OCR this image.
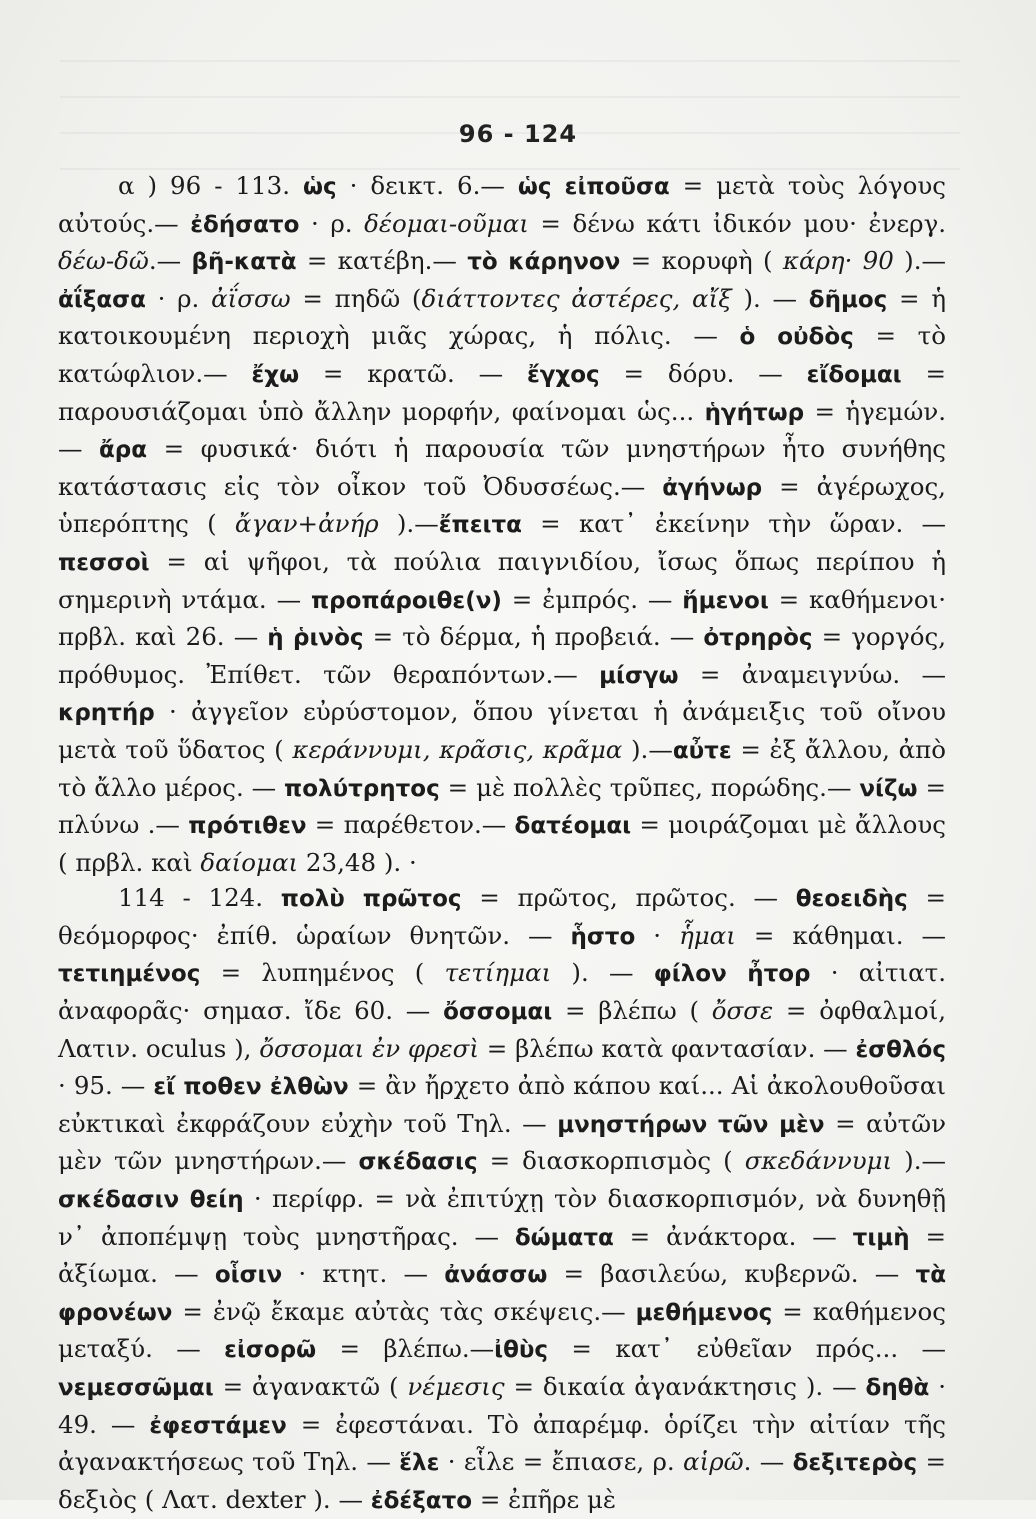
96 - 124

α ) 96 - 113. ὡς · δεικτ. 6.— ὡς εἰποῦσα = μετὰ τοὺς λόγους αὐτούς.— ἐδήσατο · ρ. δέομαι-οῦμαι = δένω κάτι ἰδικόν μου· ἐνεργ. δέω-δῶ.— βῆ-κατὰ = κατέβη.— τὸ κάρηνον = κορυφὴ ( κάρη· 90 ).— ἀΐξασα · ρ. ἀΐσσω = πηδῶ (διάττοντες ἀστέρες, αἴξ ). — δῆμος = ἡ κατοικουμένη περιοχὴ μιᾶς χώρας, ἡ πόλις. — ὁ οὐδὸς = τὸ κατώφλιον.— ἔχω = κρατῶ. — ἔγχος = δόρυ. — εἴδομαι = παρουσιάζομαι ὑπὸ ἄλλην μορφήν, φαίνομαι ὡς... ἡγήτωρ = ἡγεμών. — ἄρα = φυσικά· διότι ἡ παρουσία τῶν μνηστήρων ἦτο συνήθης κατάστασις εἰς τὸν οἶκον τοῦ Ὀδυσσέως.— ἀγήνωρ = ἀγέρωχος, ὑπερόπτης ( ἄγαν+ἀνήρ ).—ἔπειτα = κατ᾽ ἐκείνην τὴν ὥραν. — πεσσοὶ = αἱ ψῆφοι, τὰ πούλια παιγνιδίου, ἴσως ὅπως περίπου ἡ σημερινὴ ντάμα. — προπάροιθε(ν) = ἐμπρός. — ἥμενοι = καθήμενοι· πρβλ. καὶ 26. — ἡ ῥινὸς = τὸ δέρμα, ἡ προβειά. — ὀτρηρὸς = γοργός, πρόθυμος. Ἐπίθετ. τῶν θεραπόντων.— μίσγω = ἀναμειγνύω. — κρητήρ · ἀγγεῖον εὐρύστομον, ὅπου γίνεται ἡ ἀνάμειξις τοῦ οἴνου μετὰ τοῦ ὕδατος ( κεράννυμι, κρᾶσις, κρᾶμα ).—αὖτε = ἐξ ἄλλου, ἀπὸ τὸ ἄλλο μέρος. — πολύτρητος = μὲ πολλὲς τρῦπες, πορώδης.— νίζω = πλύνω .— πρότιθεν = παρέθετον.— δατέομαι = μοιράζομαι μὲ ἄλλους ( πρβλ. καὶ δαίομαι 23,48 ). ·

114 - 124. πολὺ πρῶτος = πρῶτος, πρῶτος. — θεοειδὴς = θεόμορφος· ἐπίθ. ὡραίων θνητῶν. — ἧστο · ἧμαι = κάθημαι. — τετιημένος = λυπημένος ( τετίημαι ). — φίλον ἦτορ · αἰτιατ. ἀναφορᾶς· σημασ. ἴδε 60. — ὄσσομαι = βλέπω ( ὄσσε = ὀφθαλμοί, Λατιν. oculus ), ὄσσομαι ἐν φρεσὶ = βλέπω κατὰ φαντασίαν. — ἐσθλός · 95. — εἴ ποθεν ἐλθὼν = ἂν ἤρχετο ἀπὸ κάπου καί... Αἱ ἀκολουθοῦσαι εὐκτικαὶ ἐκφράζουν εὐχὴν τοῦ Τηλ. — μνηστήρων τῶν μὲν = αὐτῶν μὲν τῶν μνηστήρων.— σκέδασις = διασκορπισμὸς ( σκεδάννυμι ).— σκέδασιν θείη · περίφρ. = νὰ ἐπιτύχῃ τὸν διασκορπισμόν, νὰ δυνηθῇ ν᾽ ἀποπέμψῃ τοὺς μνηστῆρας. — δώματα = ἀνάκτορα. — τιμὴ = ἀξίωμα. — οἷσιν · κτητ. — ἀνάσσω = βασιλεύω, κυβερνῶ. — τὰ φρονέων = ἐνῷ ἔκαμε αὐτὰς τὰς σκέψεις.— μεθήμενος = καθήμενος μεταξύ. — εἰσορῶ = βλέπω.—ἰθὺς = κατ᾽ εὐθεῖαν πρός... — νεμεσσῶμαι = ἀγανακτῶ ( νέμεσις = δικαία ἀγανάκτησις ). — δηθὰ · 49. — ἐφεστάμεν = ἐφεστάναι. Τὸ ἀπαρέμφ. ὁρίζει τὴν αἰτίαν τῆς ἀγανακτήσεως τοῦ Τηλ. — ἕλε · εἷλε = ἔπιασε, ρ. αἱρῶ. — δεξιτερὸς = δεξιὸς ( Λατ. dexter ). — ἐδέξατο = ἐπῆρε μὲ
